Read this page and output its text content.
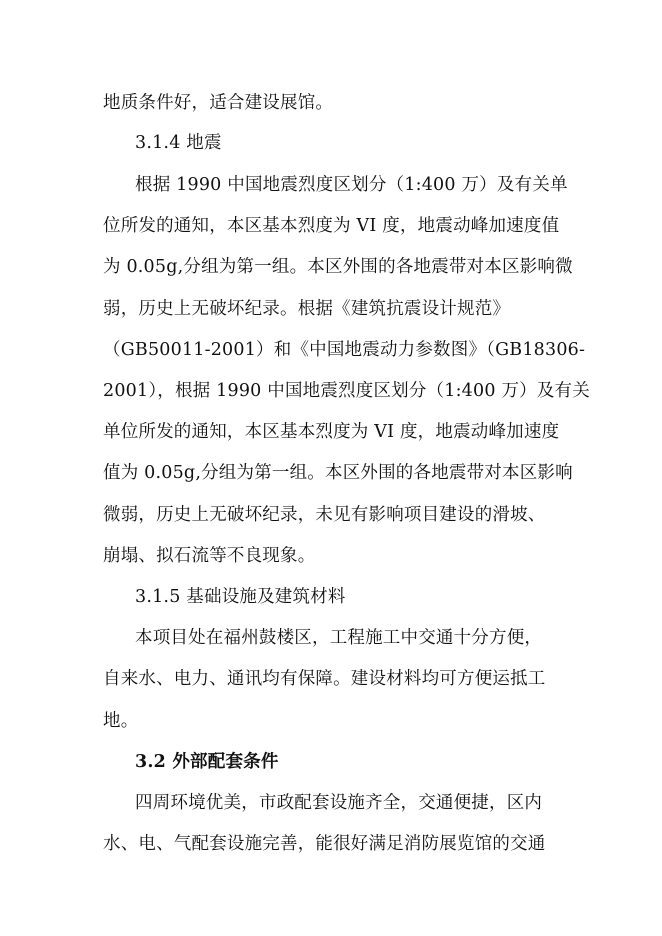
地质条件好，适合建设展馆。
3.1.4 地震
根据 1990 中国地震烈度区划分（1:400 万）及有关单
位所发的通知，本区基本烈度为 VI 度，地震动峰加速度值
为 0.05g,分组为第一组。本区外围的各地震带对本区影响微
弱，历史上无破坏纪录。根据《建筑抗震设计规范》
（GB50011-2001）和《中国地震动力参数图》（GB18306-
2001），根据 1990 中国地震烈度区划分（1:400 万）及有关
单位所发的通知，本区基本烈度为 VI 度，地震动峰加速度
值为 0.05g,分组为第一组。本区外围的各地震带对本区影响
微弱，历史上无破坏纪录，未见有影响项目建设的滑坡、
崩塌、拟石流等不良现象。
3.1.5 基础设施及建筑材料
本项目处在福州鼓楼区，工程施工中交通十分方便，
自来水、电力、通讯均有保障。建设材料均可方便运抵工
地。
3.2 外部配套条件
四周环境优美，市政配套设施齐全，交通便捷，区内
水、电、气配套设施完善，能很好满足消防展览馆的交通
